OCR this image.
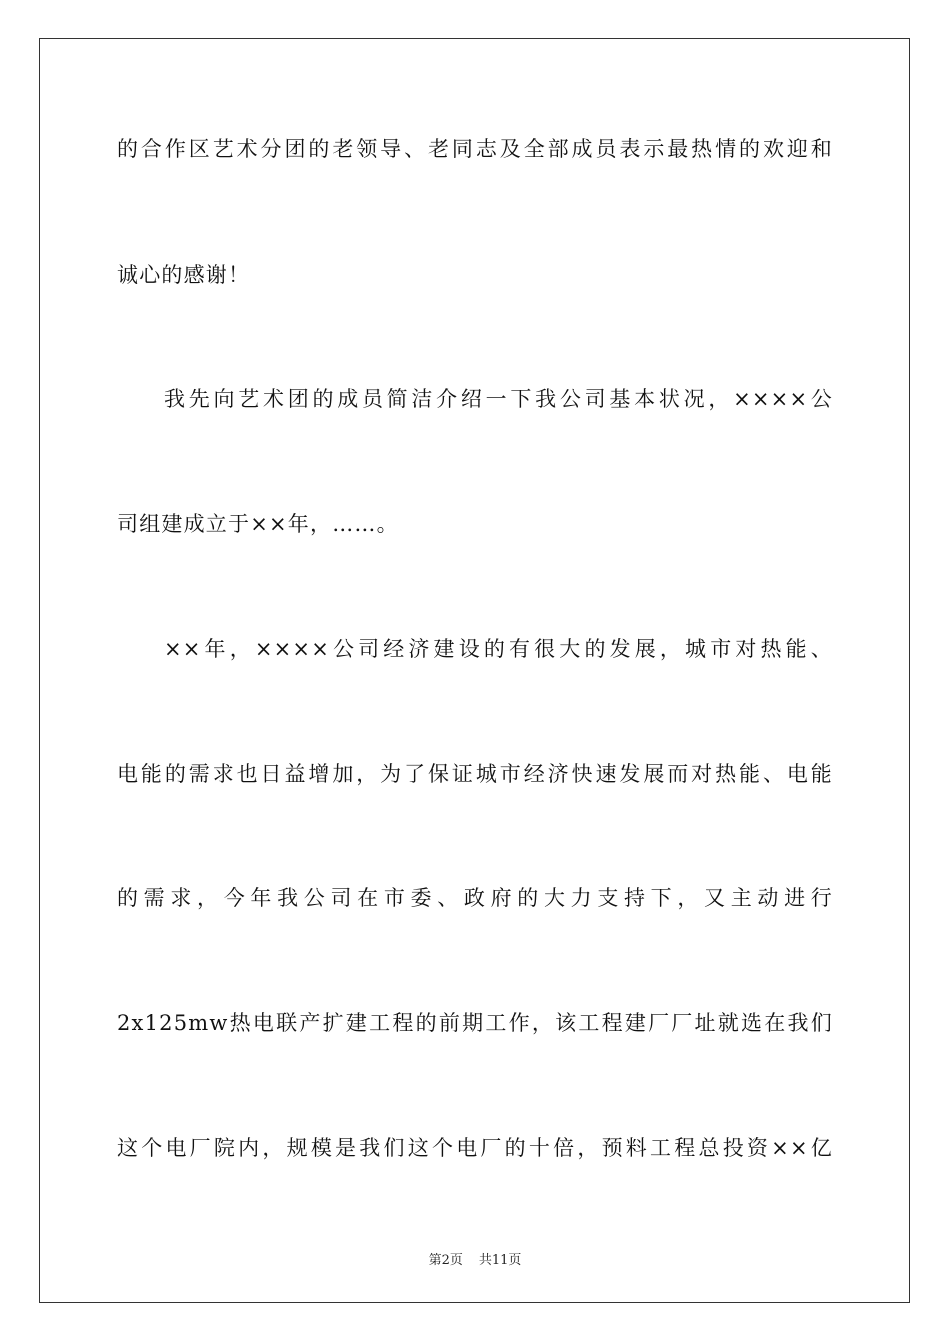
的合作区艺术分团的老领导、老同志及全部成员表示最热情的欢迎和

诚心的感谢！

我先向艺术团的成员简洁介绍一下我公司基本状况，××××公

司组建成立于××年，……。

××年，××××公司经济建设的有很大的发展，城市对热能、

电能的需求也日益增加，为了保证城市经济快速发展而对热能、电能

的需求，今年我公司在市委、政府的大力支持下，又主动进行

2x125mw热电联产扩建工程的前期工作，该工程建厂厂址就选在我们

这个电厂院内，规模是我们这个电厂的十倍，预料工程总投资××亿

第2页 共11页
